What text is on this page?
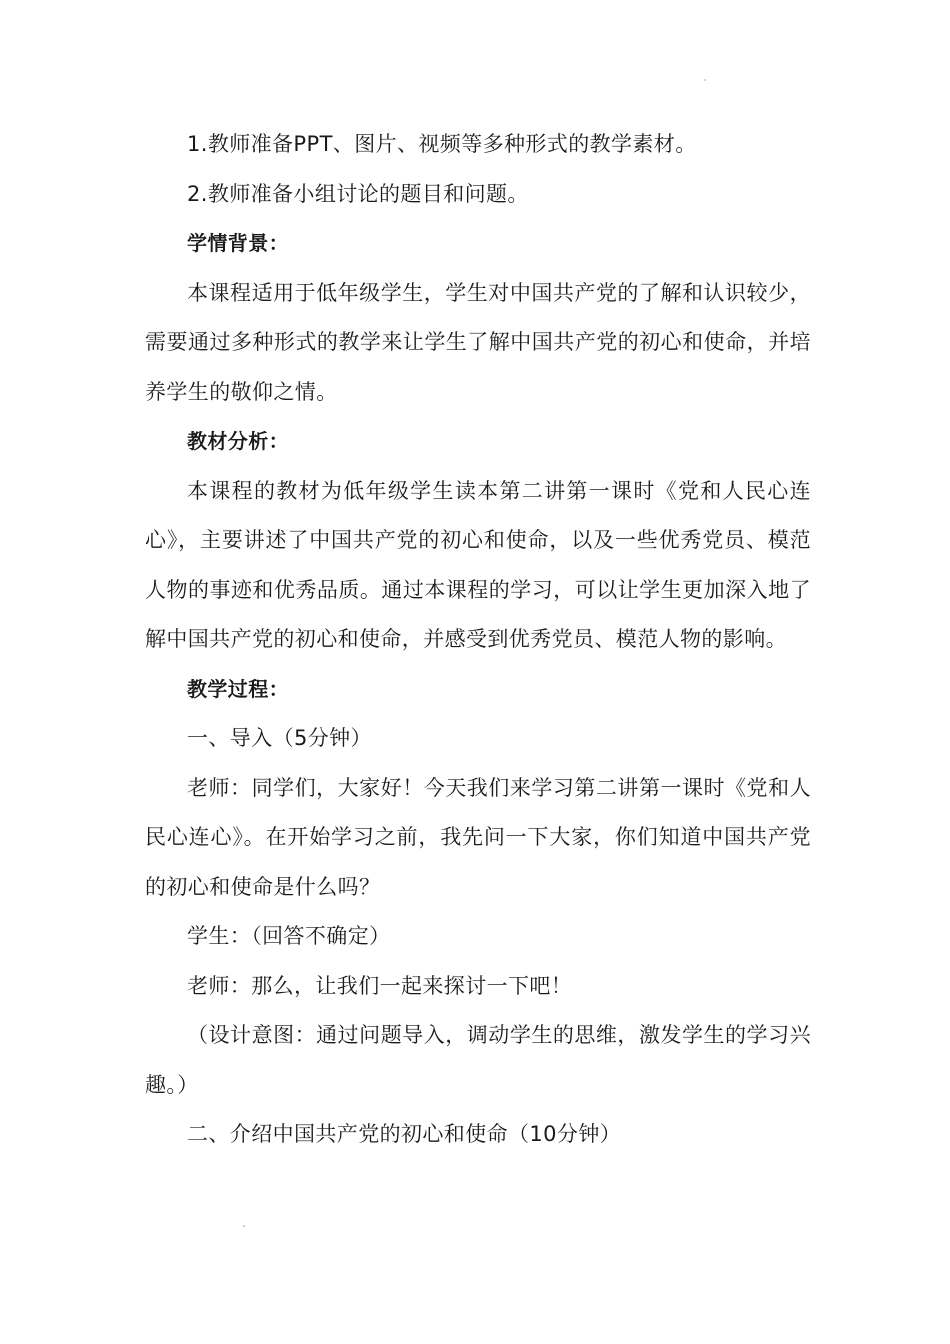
1.教师准备PPT、图片、视频等多种形式的教学素材。

2.教师准备小组讨论的题目和问题。

学情背景：

本课程适用于低年级学生，学生对中国共产党的了解和认识较少，需要通过多种形式的教学来让学生了解中国共产党的初心和使命，并培养学生的敬仰之情。

教材分析：

本课程的教材为低年级学生读本第二讲第一课时《党和人民心连心》，主要讲述了中国共产党的初心和使命，以及一些优秀党员、模范人物的事迹和优秀品质。通过本课程的学习，可以让学生更加深入地了解中国共产党的初心和使命，并感受到优秀党员、模范人物的影响。

教学过程：

一、导入（5分钟）

老师：同学们，大家好！今天我们来学习第二讲第一课时《党和人民心连心》。在开始学习之前，我先问一下大家，你们知道中国共产党的初心和使命是什么吗？

学生：（回答不确定）

老师：那么，让我们一起来探讨一下吧！

（设计意图：通过问题导入，调动学生的思维，激发学生的学习兴趣。）

二、介绍中国共产党的初心和使命（10分钟）
